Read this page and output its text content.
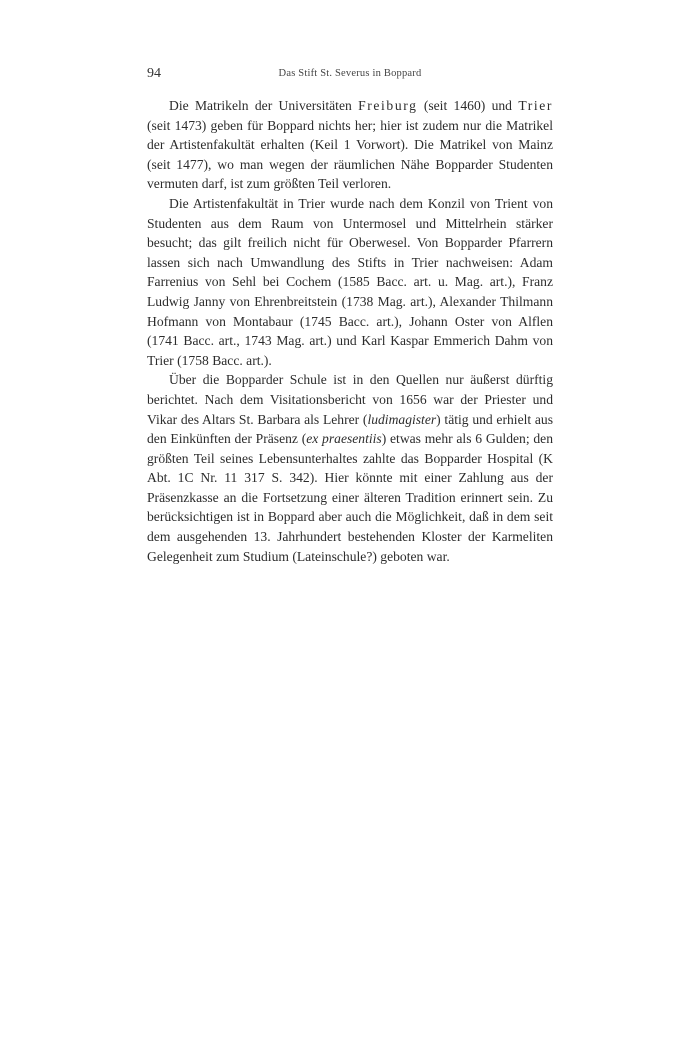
94	Das Stift St. Severus in Boppard

Die Matrikeln der Universitäten Freiburg (seit 1460) und Trier (seit 1473) geben für Boppard nichts her; hier ist zudem nur die Matrikel der Artistenfakultät erhalten (Keil 1 Vorwort). Die Matrikel von Mainz (seit 1477), wo man wegen der räumlichen Nähe Bopparder Studenten vermuten darf, ist zum größten Teil verloren.

Die Artistenfakultät in Trier wurde nach dem Konzil von Trient von Studenten aus dem Raum von Untermosel und Mittelrhein stärker besucht; das gilt freilich nicht für Oberwesel. Von Bopparder Pfarrern lassen sich nach Umwandlung des Stifts in Trier nachweisen: Adam Farrenius von Sehl bei Cochem (1585 Bacc. art. u. Mag. art.), Franz Ludwig Janny von Ehrenbreitstein (1738 Mag. art.), Alexander Thilmann Hofmann von Montabaur (1745 Bacc. art.), Johann Oster von Alflen (1741 Bacc. art., 1743 Mag. art.) und Karl Kaspar Emmerich Dahm von Trier (1758 Bacc. art.).

Über die Bopparder Schule ist in den Quellen nur äußerst dürftig berichtet. Nach dem Visitationsbericht von 1656 war der Priester und Vikar des Altars St. Barbara als Lehrer (ludimagister) tätig und erhielt aus den Einkünften der Präsenz (ex praesentiis) etwas mehr als 6 Gulden; den größten Teil seines Lebensunterhaltes zahlte das Bopparder Hospital (K Abt. 1C Nr. 11 317 S. 342). Hier könnte mit einer Zahlung aus der Präsenzkasse an die Fortsetzung einer älteren Tradition erinnert sein. Zu berücksichtigen ist in Boppard aber auch die Möglichkeit, daß in dem seit dem ausgehenden 13. Jahrhundert bestehenden Kloster der Karmeliten Gelegenheit zum Studium (Lateinschule?) geboten war.
